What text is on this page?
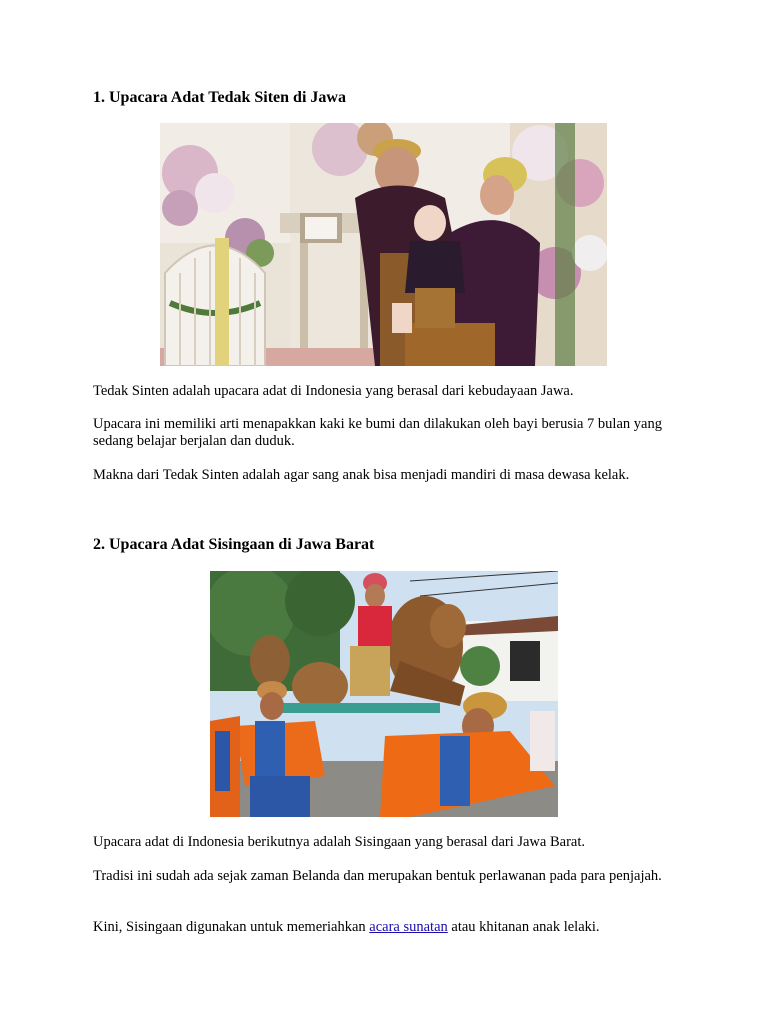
1. Upacara Adat Tedak Siten di Jawa

Tedak Sinten adalah upacara adat di Indonesia yang berasal dari kebudayaan Jawa.

Upacara ini memiliki arti menapakkan kaki ke bumi dan dilakukan oleh bayi berusia 7 bulan yang sedang belajar berjalan dan duduk.

Makna dari Tedak Sinten adalah agar sang anak bisa menjadi mandiri di masa dewasa kelak.

2. Upacara Adat Sisingaan di Jawa Barat

Upacara adat di Indonesia berikutnya adalah Sisingaan yang berasal dari Jawa Barat.

Tradisi ini sudah ada sejak zaman Belanda dan merupakan bentuk perlawanan pada para penjajah.

Kini, Sisingaan digunakan untuk memeriahkan acara sunatan atau khitanan anak lelaki.
